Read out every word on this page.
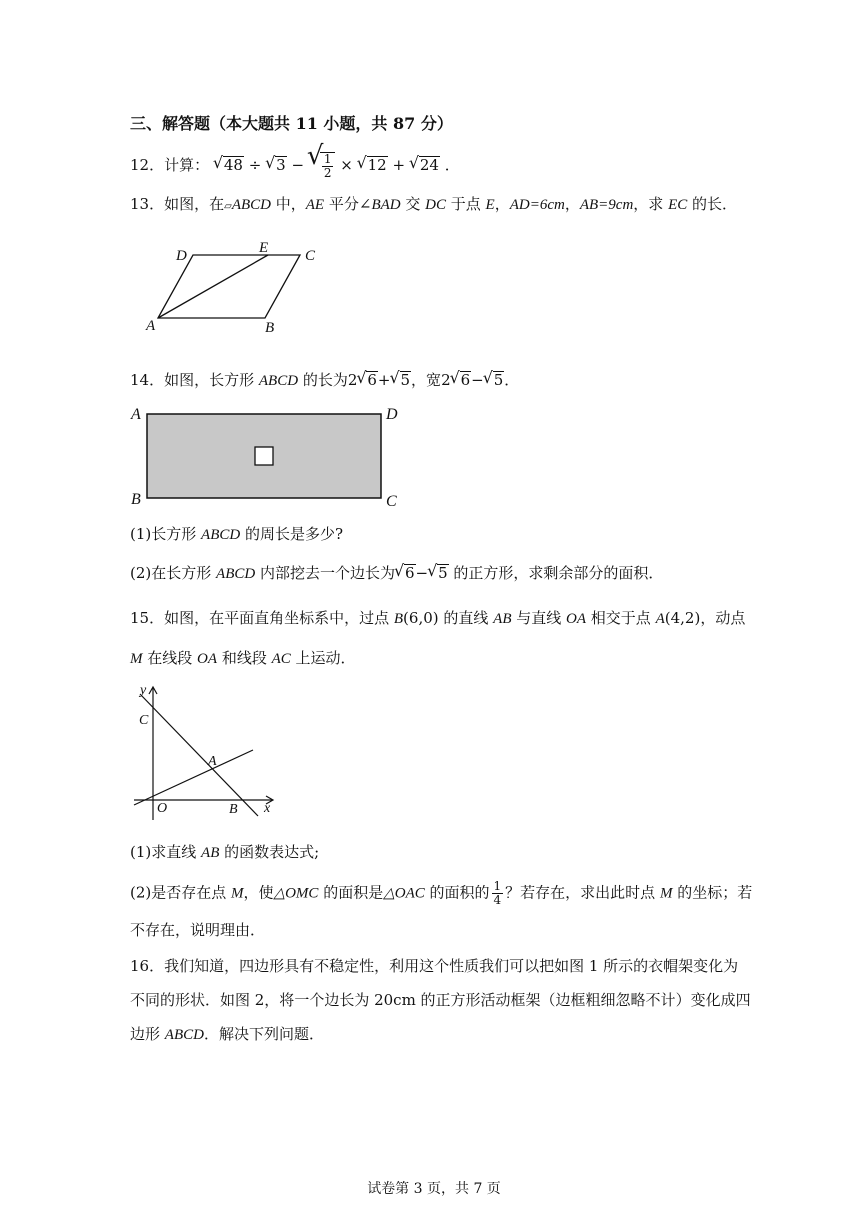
三、解答题（本大题共 11 小题，共 87 分）
12．计算： √ 48 ÷ √ 3 − √ $\frac{1}{2}$ × √ 12 + √ 24 ．
13．如图，在▱ABCD 中，AE 平分∠BAD 交 DC 于点 E，AD=6cm，AB=9cm，求 EC 的长．
D	E C
A	B
14．如图，长方形 ABCD 的长为2 √ 6+ √ 5，宽2 √ 6− √ 5．
A	D
B	C
(1)长方形 ABCD 的周长是多少?
(2)在长方形 ABCD 内部挖去一个边长为 √ 6− √ 5 的正方形，求剩余部分的面积．
15．如图，在平面直角坐标系中，过点 B(6,0) 的直线 AB 与直线 OA 相交于点 A(4,2)，动点
M 在线段 OA 和线段 AC 上运动．
y
C
A
O	B x
(1)求直线 AB 的函数表达式;
(2)是否存在点 M，使△OMC 的面积是△OAC 的面积的 $\frac{1}{4}$ ？若存在，求出此时点 M 的坐标；若
不存在，说明理由．
16．我们知道，四边形具有不稳定性，利用这个性质我们可以把如图 1 所示的衣帽架变化为
不同的形状．如图 2，将一个边长为 20cm 的正方形活动框架（边框粗细忽略不计）变化成四
边形 ABCD．解决下列问题．
试卷第 3 页，共 7 页
